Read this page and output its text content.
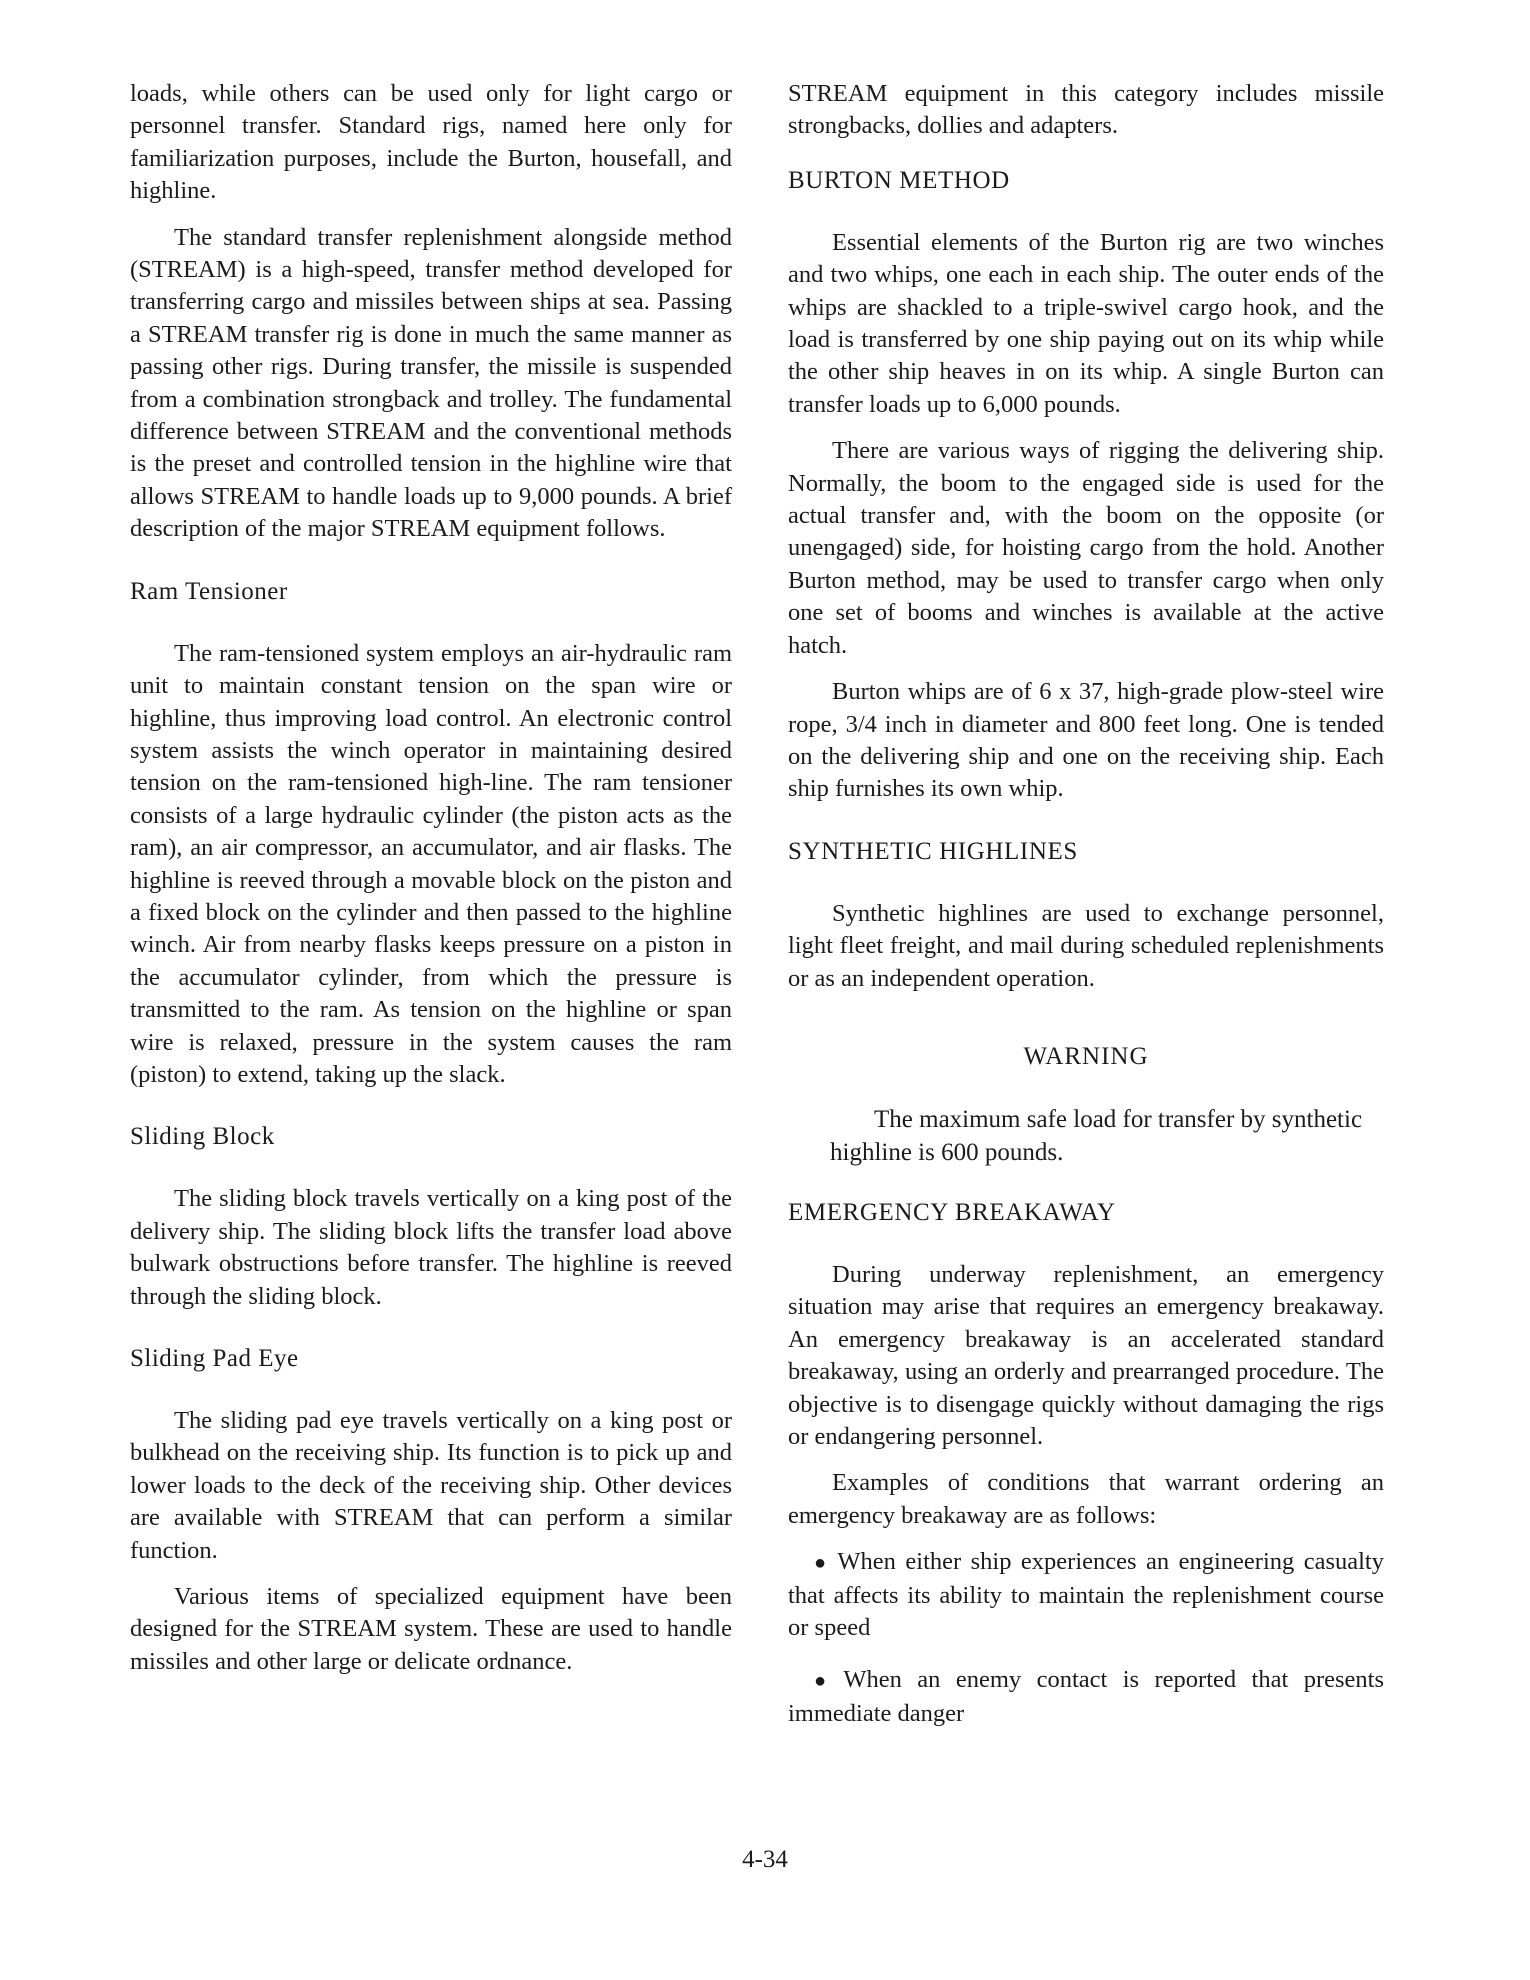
loads, while others can be used only for light cargo or personnel transfer. Standard rigs, named here only for familiarization purposes, include the Burton, housefall, and highline.

The standard transfer replenishment alongside method (STREAM) is a high-speed, transfer method developed for transferring cargo and missiles between ships at sea. Passing a STREAM transfer rig is done in much the same manner as passing other rigs. During transfer, the missile is suspended from a combination strongback and trolley. The fundamental difference between STREAM and the conventional methods is the preset and controlled tension in the highline wire that allows STREAM to handle loads up to 9,000 pounds. A brief description of the major STREAM equipment follows.

Ram Tensioner

The ram-tensioned system employs an air-hydraulic ram unit to maintain constant tension on the span wire or highline, thus improving load control. An electronic control system assists the winch operator in maintaining desired tension on the ram-tensioned high-line. The ram tensioner consists of a large hydraulic cylinder (the piston acts as the ram), an air compressor, an accumulator, and air flasks. The highline is reeved through a movable block on the piston and a fixed block on the cylinder and then passed to the highline winch. Air from nearby flasks keeps pressure on a piston in the accumulator cylinder, from which the pressure is transmitted to the ram. As tension on the highline or span wire is relaxed, pressure in the system causes the ram (piston) to extend, taking up the slack.

Sliding Block

The sliding block travels vertically on a king post of the delivery ship. The sliding block lifts the transfer load above bulwark obstructions before transfer. The highline is reeved through the sliding block.

Sliding Pad Eye

The sliding pad eye travels vertically on a king post or bulkhead on the receiving ship. Its function is to pick up and lower loads to the deck of the receiving ship. Other devices are available with STREAM that can perform a similar function.

Various items of specialized equipment have been designed for the STREAM system. These are used to handle missiles and other large or delicate ordnance.

STREAM equipment in this category includes missile strongbacks, dollies and adapters.

BURTON METHOD

Essential elements of the Burton rig are two winches and two whips, one each in each ship. The outer ends of the whips are shackled to a triple-swivel cargo hook, and the load is transferred by one ship paying out on its whip while the other ship heaves in on its whip. A single Burton can transfer loads up to 6,000 pounds.

There are various ways of rigging the delivering ship. Normally, the boom to the engaged side is used for the actual transfer and, with the boom on the opposite (or unengaged) side, for hoisting cargo from the hold. Another Burton method, may be used to transfer cargo when only one set of booms and winches is available at the active hatch.

Burton whips are of 6 x 37, high-grade plow-steel wire rope, 3/4 inch in diameter and 800 feet long. One is tended on the delivering ship and one on the receiving ship. Each ship furnishes its own whip.

SYNTHETIC HIGHLINES

Synthetic highlines are used to exchange personnel, light fleet freight, and mail during scheduled replenishments or as an independent operation.

WARNING
The maximum safe load for transfer by synthetic highline is 600 pounds.
EMERGENCY BREAKAWAY

During underway replenishment, an emergency situation may arise that requires an emergency breakaway. An emergency breakaway is an accelerated standard breakaway, using an orderly and prearranged procedure. The objective is to disengage quickly without damaging the rigs or endangering personnel.

Examples of conditions that warrant ordering an emergency breakaway are as follows:

● When either ship experiences an engineering casualty that affects its ability to maintain the replenishment course or speed

● When an enemy contact is reported that presents immediate danger

4-34
